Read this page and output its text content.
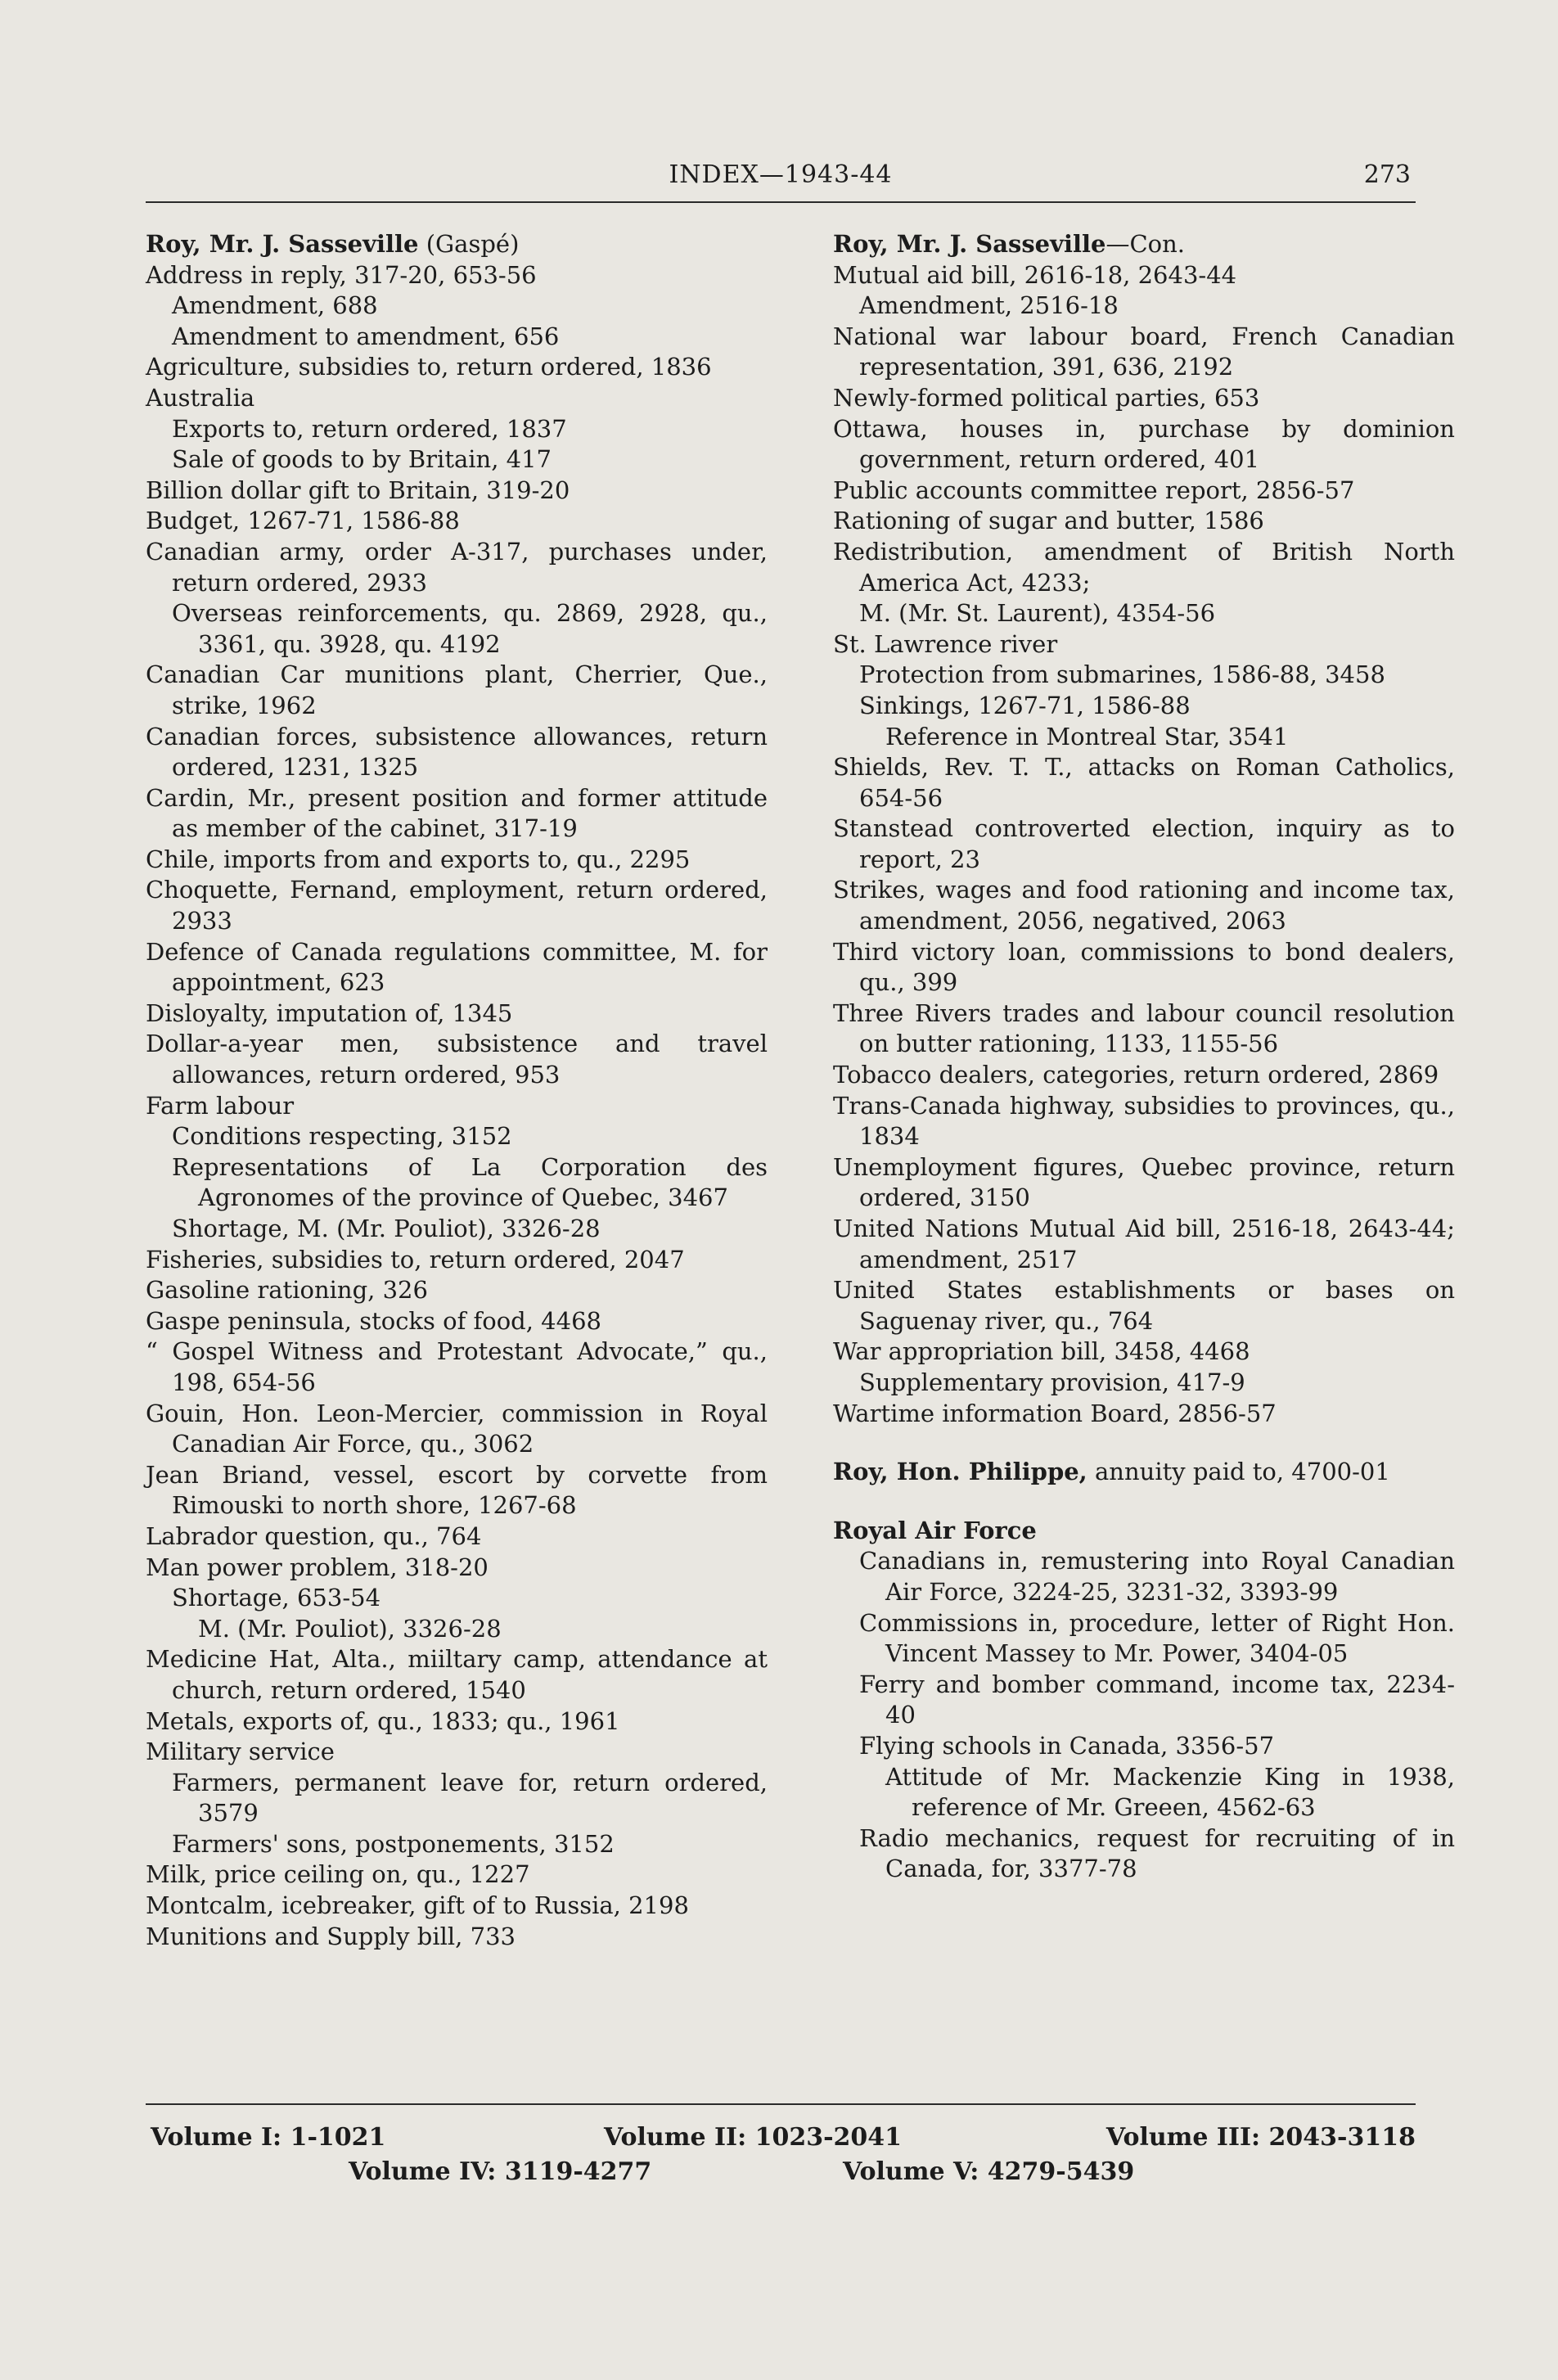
INDEX—1943-44	273
Roy, Mr. J. Sasseville (Gaspé)
Address in reply, 317-20, 653-56
Amendment, 688
Amendment to amendment, 656
Agriculture, subsidies to, return ordered, 1836
Australia
Exports to, return ordered, 1837
Sale of goods to by Britain, 417
Billion dollar gift to Britain, 319-20
Budget, 1267-71, 1586-88
Canadian army, order A-317, purchases under, return ordered, 2933
Overseas reinforcements, qu. 2869, 2928, qu., 3361, qu. 3928, qu. 4192
Canadian Car munitions plant, Cherrier, Que., strike, 1962
Canadian forces, subsistence allowances, return ordered, 1231, 1325
Cardin, Mr., present position and former attitude as member of the cabinet, 317-19
Chile, imports from and exports to, qu., 2295
Choquette, Fernand, employment, return ordered, 2933
Defence of Canada regulations committee, M. for appointment, 623
Disloyalty, imputation of, 1345
Dollar-a-year men, subsistence and travel allowances, return ordered, 953
Farm labour
Conditions respecting, 3152
Representations of La Corporation des Agronomes of the province of Quebec, 3467
Shortage, M. (Mr. Pouliot), 3326-28
Fisheries, subsidies to, return ordered, 2047
Gasoline rationing, 326
Gaspe peninsula, stocks of food, 4468
“ Gospel Witness and Protestant Advocate,” qu., 198, 654-56
Gouin, Hon. Leon-Mercier, commission in Royal Canadian Air Force, qu., 3062
Jean Briand, vessel, escort by corvette from Rimouski to north shore, 1267-68
Labrador question, qu., 764
Man power problem, 318-20
Shortage, 653-54
M. (Mr. Pouliot), 3326-28
Medicine Hat, Alta., miiltary camp, attendance at church, return ordered, 1540
Metals, exports of, qu., 1833; qu., 1961
Military service
Farmers, permanent leave for, return ordered, 3579
Farmers' sons, postponements, 3152
Milk, price ceiling on, qu., 1227
Montcalm, icebreaker, gift of to Russia, 2198
Munitions and Supply bill, 733
Roy, Mr. J. Sasseville—Con.
Mutual aid bill, 2616-18, 2643-44
Amendment, 2516-18
National war labour board, French Canadian representation, 391, 636, 2192
Newly-formed political parties, 653
Ottawa, houses in, purchase by dominion government, return ordered, 401
Public accounts committee report, 2856-57
Rationing of sugar and butter, 1586
Redistribution, amendment of British North America Act, 4233;
M. (Mr. St. Laurent), 4354-56
St. Lawrence river
Protection from submarines, 1586-88, 3458
Sinkings, 1267-71, 1586-88
Reference in Montreal Star, 3541
Shields, Rev. T. T., attacks on Roman Catholics, 654-56
Stanstead controverted election, inquiry as to report, 23
Strikes, wages and food rationing and income tax, amendment, 2056, negatived, 2063
Third victory loan, commissions to bond dealers, qu., 399
Three Rivers trades and labour council resolution on butter rationing, 1133, 1155-56
Tobacco dealers, categories, return ordered, 2869
Trans-Canada highway, subsidies to provinces, qu., 1834
Unemployment figures, Quebec province, return ordered, 3150
United Nations Mutual Aid bill, 2516-18, 2643-44; amendment, 2517
United States establishments or bases on Saguenay river, qu., 764
War appropriation bill, 3458, 4468
Supplementary provision, 417-9
Wartime information Board, 2856-57
Roy, Hon. Philippe, annuity paid to, 4700-01
Royal Air Force
Canadians in, remustering into Royal Canadian Air Force, 3224-25, 3231-32, 3393-99
Commissions in, procedure, letter of Right Hon. Vincent Massey to Mr. Power, 3404-05
Ferry and bomber command, income tax, 2234-40
Flying schools in Canada, 3356-57
Attitude of Mr. Mackenzie King in 1938, reference of Mr. Greeen, 4562-63
Radio mechanics, request for recruiting of in Canada, for, 3377-78
Volume I: 1-1021	Volume II: 1023-2041	Volume III: 2043-3118
Volume IV: 3119-4277	Volume V: 4279-5439
